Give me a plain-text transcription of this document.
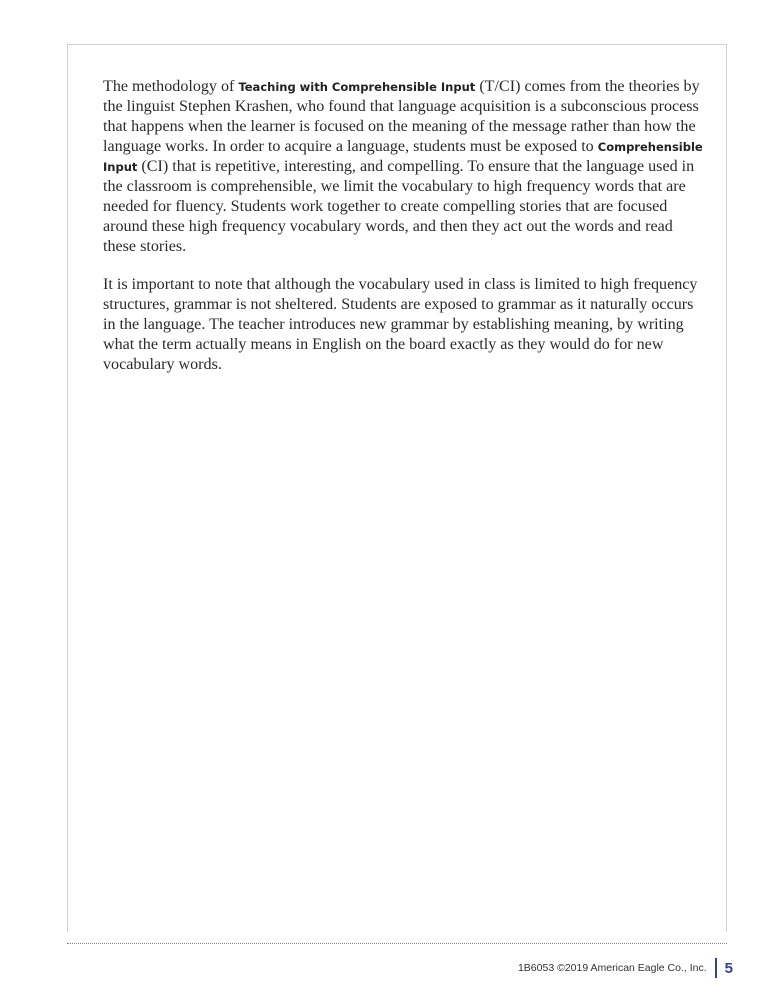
The methodology of Teaching with Comprehensible Input (T/CI) comes from the theories by the linguist Stephen Krashen, who found that language acquisition is a subconscious process that happens when the learner is focused on the meaning of the message rather than how the language works. In order to acquire a language, students must be exposed to Comprehensible Input (CI) that is repetitive, interesting, and compelling. To ensure that the language used in the classroom is comprehensible, we limit the vocabulary to high frequency words that are needed for fluency. Students work together to create compelling stories that are focused around these high frequency vocabulary words, and then they act out the words and read these stories.

It is important to note that although the vocabulary used in class is limited to high frequency structures, grammar is not sheltered. Students are exposed to grammar as it naturally occurs in the language. The teacher introduces new grammar by establishing meaning, by writing what the term actually means in English on the board exactly as they would do for new vocabulary words.

1B6053 ©2019 American Eagle Co., Inc. 5
